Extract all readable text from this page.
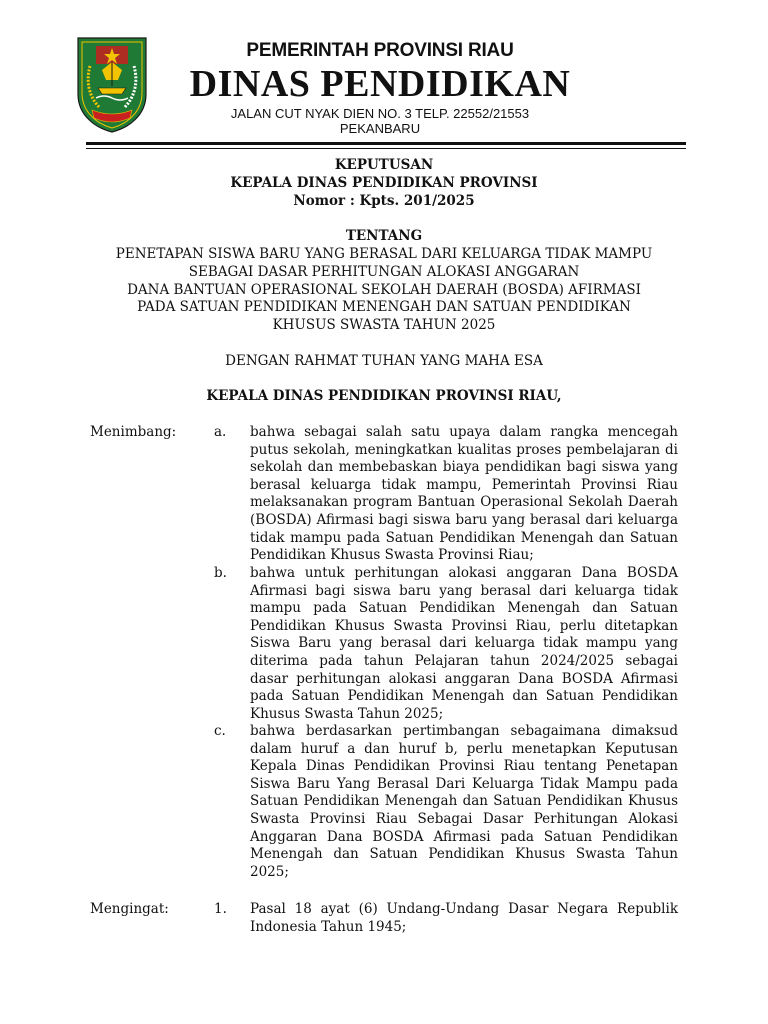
PEMERINTAH PROVINSI RIAU
DINAS PENDIDIKAN
JALAN CUT NYAK DIEN NO. 3 TELP. 22552/21553
PEKANBARU
KEPUTUSAN
KEPALA DINAS PENDIDIKAN PROVINSI
Nomor : Kpts. 201/2025
TENTANG
PENETAPAN SISWA BARU YANG BERASAL DARI KELUARGA TIDAK MAMPU
SEBAGAI DASAR PERHITUNGAN ALOKASI ANGGARAN
DANA BANTUAN OPERASIONAL SEKOLAH DAERAH (BOSDA) AFIRMASI
PADA SATUAN PENDIDIKAN MENENGAH DAN SATUAN PENDIDIKAN
KHUSUS SWASTA TAHUN 2025
DENGAN RAHMAT TUHAN YANG MAHA ESA
KEPALA DINAS PENDIDIKAN PROVINSI RIAU,
Menimbang:	a. bahwa sebagai salah satu upaya dalam rangka mencegah putus sekolah, meningkatkan kualitas proses pembelajaran di sekolah dan membebaskan biaya pendidikan bagi siswa yang berasal keluarga tidak mampu, Pemerintah Provinsi Riau melaksanakan program Bantuan Operasional Sekolah Daerah (BOSDA) Afirmasi bagi siswa baru yang berasal dari keluarga tidak mampu pada Satuan Pendidikan Menengah dan Satuan Pendidikan Khusus Swasta Provinsi Riau;
b. bahwa untuk perhitungan alokasi anggaran Dana BOSDA Afirmasi bagi siswa baru yang berasal dari keluarga tidak mampu pada Satuan Pendidikan Menengah dan Satuan Pendidikan Khusus Swasta Provinsi Riau, perlu ditetapkan Siswa Baru yang berasal dari keluarga tidak mampu yang diterima pada tahun Pelajaran tahun 2024/2025 sebagai dasar perhitungan alokasi anggaran Dana BOSDA Afirmasi pada Satuan Pendidikan Menengah dan Satuan Pendidikan Khusus Swasta Tahun 2025;
c. bahwa berdasarkan pertimbangan sebagaimana dimaksud dalam huruf a dan huruf b, perlu menetapkan Keputusan Kepala Dinas Pendidikan Provinsi Riau tentang Penetapan Siswa Baru Yang Berasal Dari Keluarga Tidak Mampu pada Satuan Pendidikan Menengah dan Satuan Pendidikan Khusus Swasta Provinsi Riau Sebagai Dasar Perhitungan Alokasi Anggaran Dana BOSDA Afirmasi pada Satuan Pendidikan Menengah dan Satuan Pendidikan Khusus Swasta Tahun 2025;
Mengingat:	1. Pasal 18 ayat (6) Undang-Undang Dasar Negara Republik Indonesia Tahun 1945;
